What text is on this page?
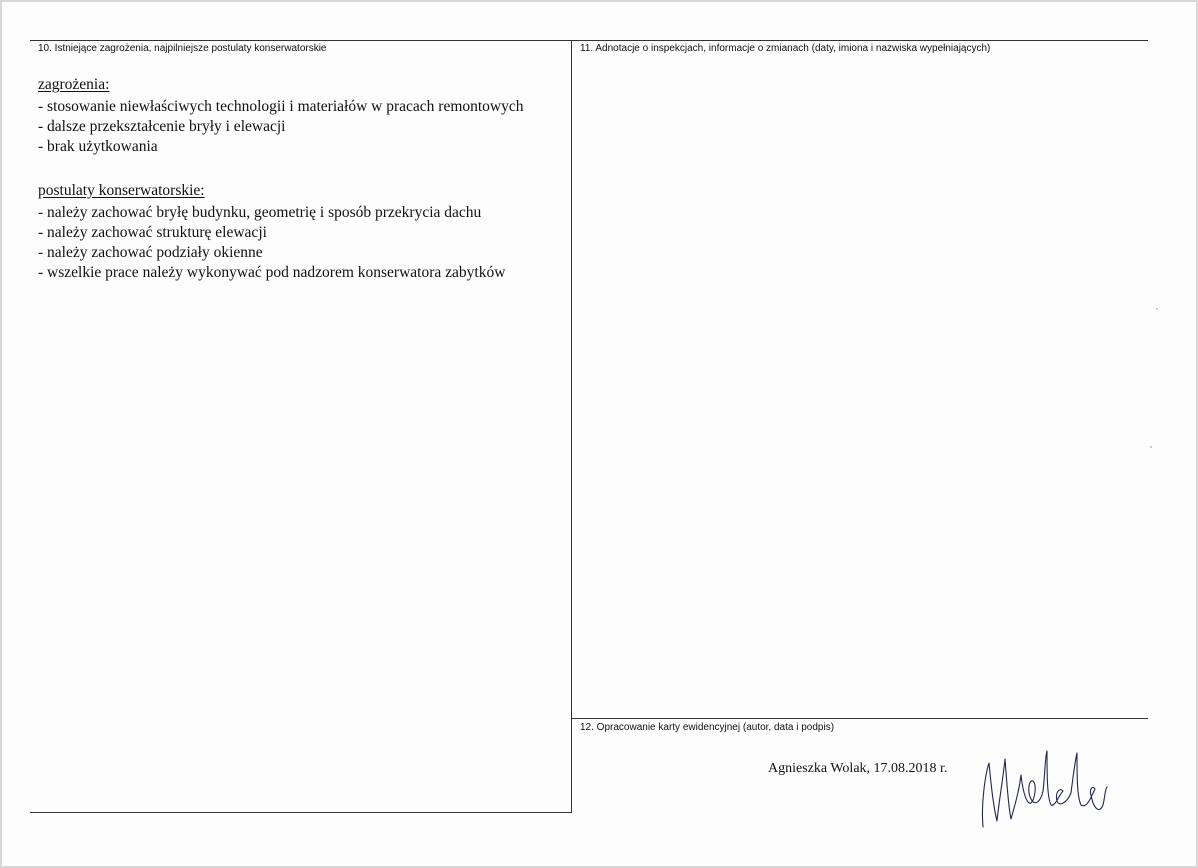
10. Istniejące zagrożenia, najpilniejsze postulaty konserwatorskie
zagrożenia:
- stosowanie niewłaściwych technologii i materiałów w pracach remontowych
- dalsze przekształcenie bryły i elewacji
- brak użytkowania
postulaty konserwatorskie:
- należy zachować bryłę budynku, geometrię i sposób przekrycia dachu
- należy zachować strukturę elewacji
- należy zachować podziały okienne
- wszelkie prace należy wykonywać pod nadzorem konserwatora zabytków
11. Adnotacje o inspekcjach, informacje o zmianach (daty, imiona i nazwiska wypełniających)
12. Opracowanie karty ewidencyjnej (autor, data i podpis)
Agnieszka Wolak, 17.08.2018 r.
